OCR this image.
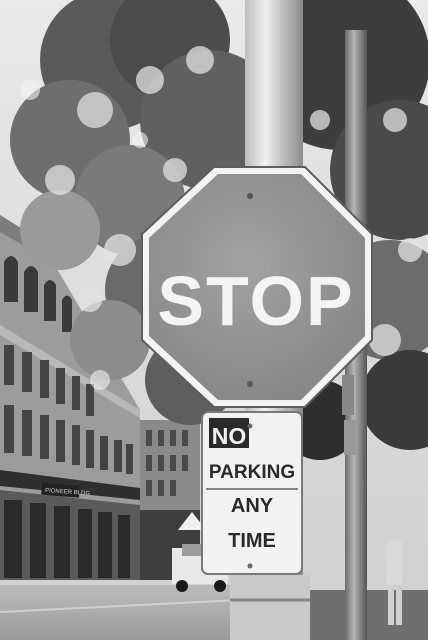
PIONEER BLDG
STOP
NO
PARKING
ANY
TIME
